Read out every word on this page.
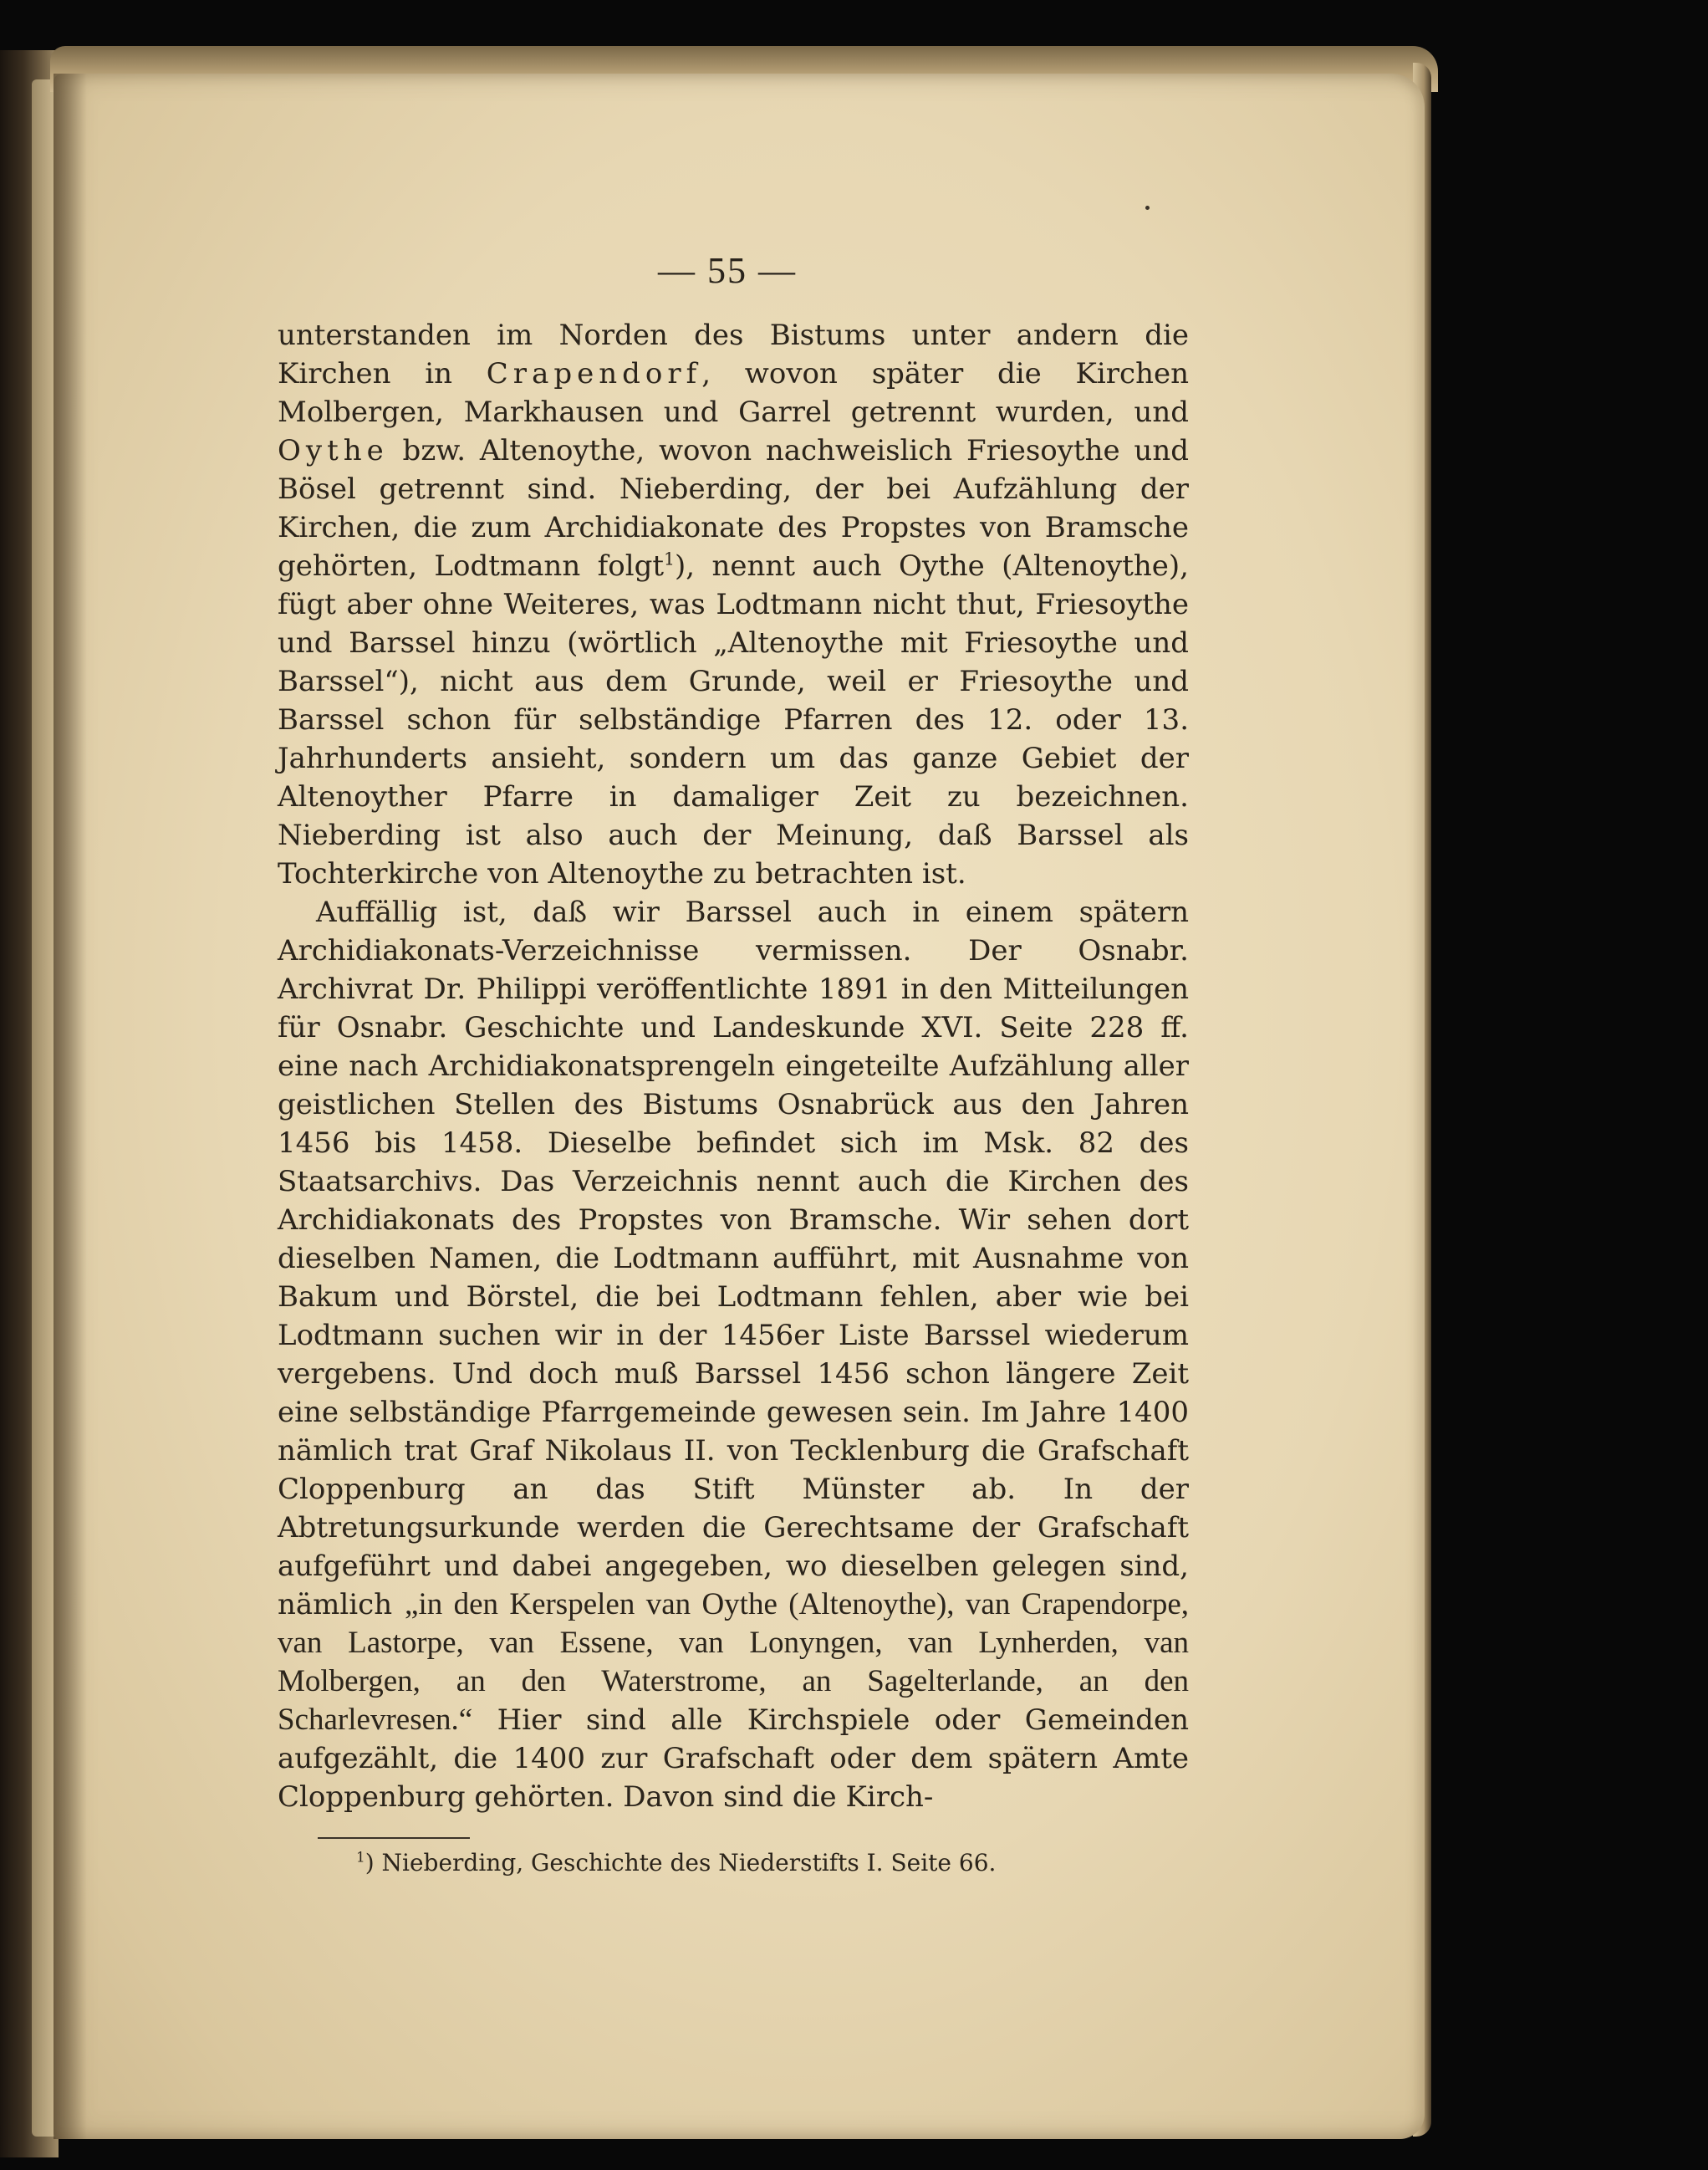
— 55 —

unterstanden im Norden des Bistums unter andern die Kirchen in Crapendorf, wovon später die Kirchen Molbergen, Markhausen und Garrel getrennt wurden, und Oythe bzw. Altenoythe, wovon nachweislich Friesoythe und Bösel getrennt sind. Nieberding, der bei Aufzählung der Kirchen, die zum Archidiakonate des Propstes von Bramsche gehörten, Lodtmann folgt$^1$), nennt auch Oythe (Altenoythe), fügt aber ohne Weiteres, was Lodtmann nicht thut, Friesoythe und Barssel hinzu (wörtlich „Altenoythe mit Friesoythe und Barssel“), nicht aus dem Grunde, weil er Friesoythe und Barssel schon für selbständige Pfarren des 12. oder 13. Jahrhunderts ansieht, sondern um das ganze Gebiet der Altenoyther Pfarre in damaliger Zeit zu bezeichnen. Nieberding ist also auch der Meinung, daß Barssel als Tochterkirche von Altenoythe zu betrachten ist.

Auffällig ist, daß wir Barssel auch in einem spätern Archidiakonats-Verzeichnisse vermissen. Der Osnabr. Archivrat Dr. Philippi veröffentlichte 1891 in den Mitteilungen für Osnabr. Geschichte und Landeskunde XVI. Seite 228 ff. eine nach Archidiakonatsprengeln eingeteilte Aufzählung aller geistlichen Stellen des Bistums Osnabrück aus den Jahren 1456 bis 1458. Dieselbe befindet sich im Msk. 82 des Staatsarchivs. Das Verzeichnis nennt auch die Kirchen des Archidiakonats des Propstes von Bramsche. Wir sehen dort dieselben Namen, die Lodtmann aufführt, mit Ausnahme von Bakum und Börstel, die bei Lodtmann fehlen, aber wie bei Lodtmann suchen wir in der 1456er Liste Barssel wiederum vergebens. Und doch muß Barssel 1456 schon längere Zeit eine selbständige Pfarrgemeinde gewesen sein. Im Jahre 1400 nämlich trat Graf Nikolaus II. von Tecklenburg die Grafschaft Cloppenburg an das Stift Münster ab. In der Abtretungsurkunde werden die Gerechtsame der Grafschaft aufgeführt und dabei angegeben, wo dieselben gelegen sind, nämlich „in den Kerspelen van Oythe (Altenoythe), van Crapendorpe, van Lastorpe, van Essene, van Lonyngen, van Lynherden, van Molbergen, an den Waterstrome, an Sagelterlande, an den Scharlevresen.“ Hier sind alle Kirchspiele oder Gemeinden aufgezählt, die 1400 zur Grafschaft oder dem spätern Amte Cloppenburg gehörten. Davon sind die Kirch-

$^1$) Nieberding, Geschichte des Niederstifts I. Seite 66.
